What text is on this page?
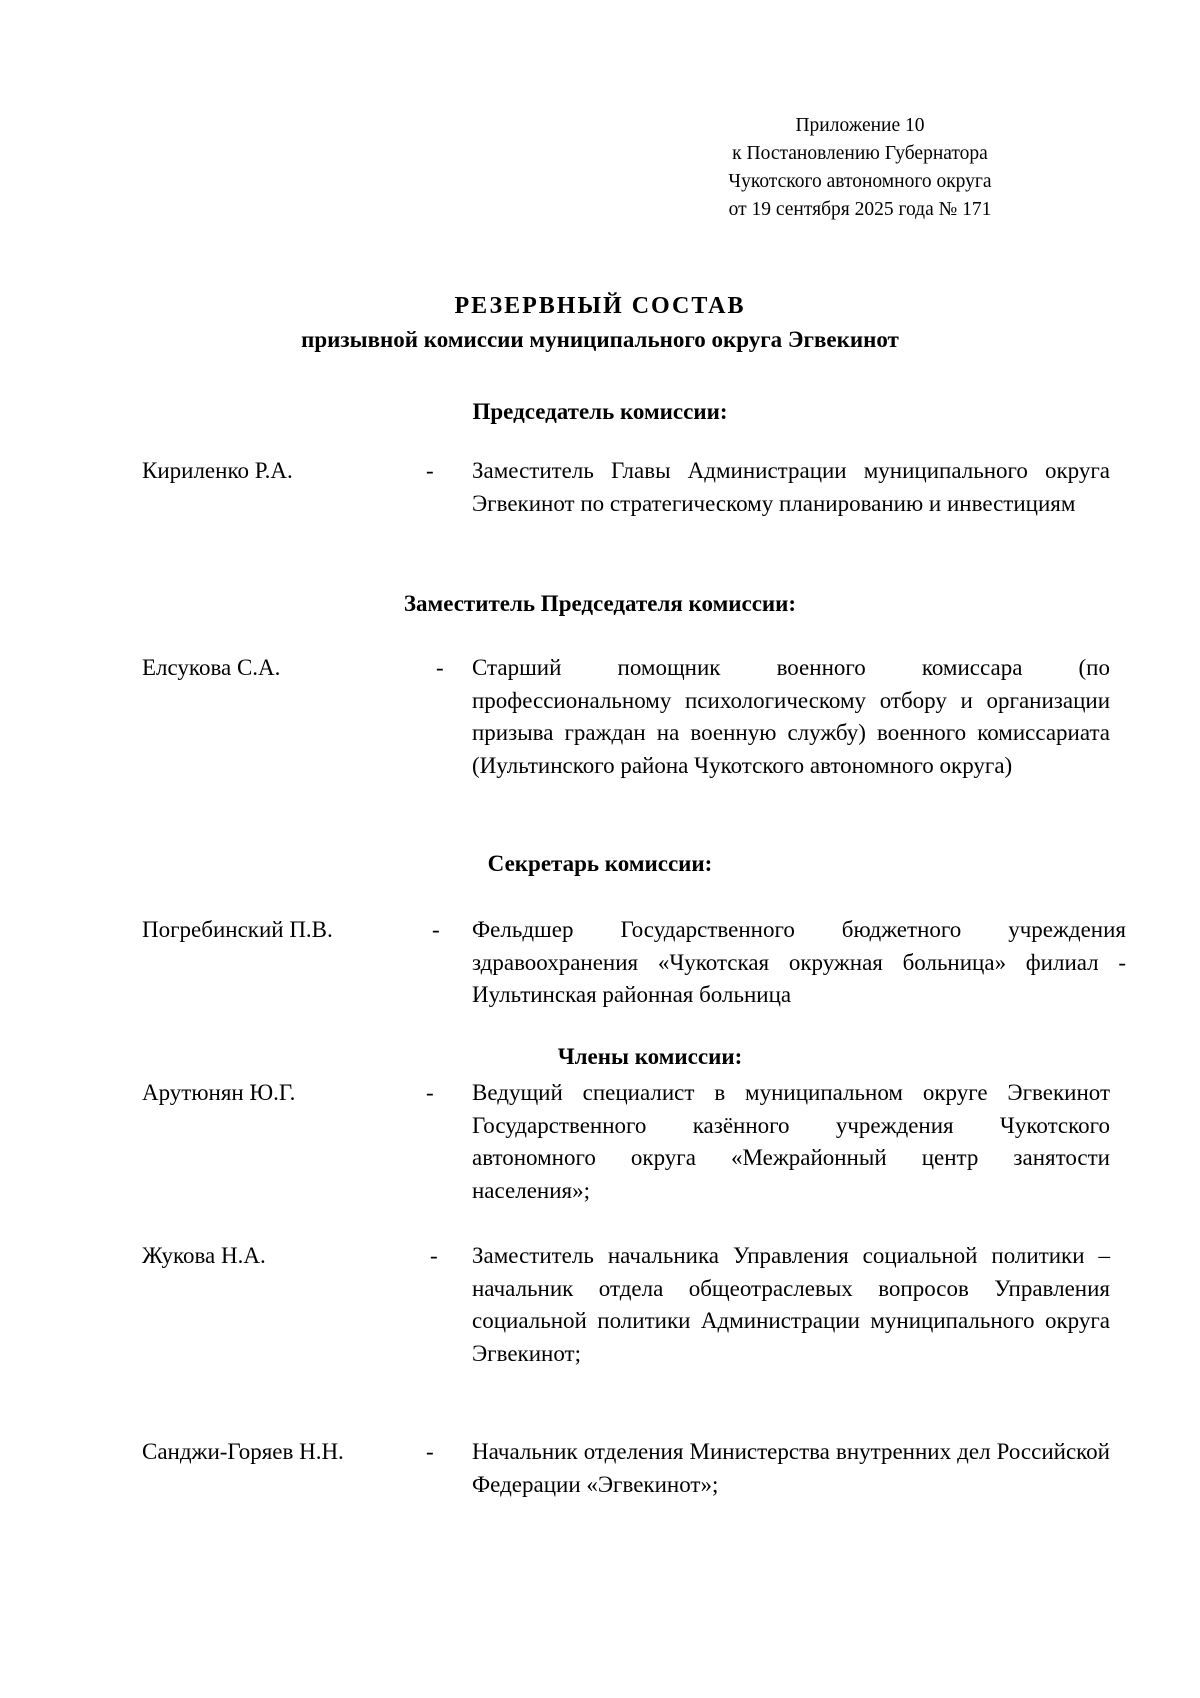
Приложение 10
к Постановлению Губернатора
Чукотского автономного округа
от 19 сентября 2025 года № 171
РЕЗЕРВНЫЙ СОСТАВ
призывной комиссии муниципального округа Эгвекинот
Председатель комиссии:
Кириленко Р.А.	- Заместитель Главы Администрации муниципального округа Эгвекинот по стратегическому планированию и инвестициям
Заместитель Председателя комиссии:
Елсукова С.А.	- Старший помощник военного комиссара (по профессиональному психологическому отбору и организации призыва граждан на военную службу) военного комиссариата (Иультинского района Чукотского автономного округа)
Секретарь комиссии:
Погребинский П.В.	- Фельдшер Государственного бюджетного учреждения здравоохранения «Чукотская окружная больница» филиал - Иультинская районная больница
Члены комиссии:
Арутюнян Ю.Г.	- Ведущий специалист в муниципальном округе Эгвекинот Государственного казённого учреждения Чукотского автономного округа «Межрайонный центр занятости населения»;
Жукова Н.А.	- Заместитель начальника Управления социальной политики – начальник отдела общеотраслевых вопросов Управления социальной политики Администрации муниципального округа Эгвекинот;
Санджи-Горяев Н.Н.	- Начальник отделения Министерства внутренних дел Российской Федерации «Эгвекинот»;
